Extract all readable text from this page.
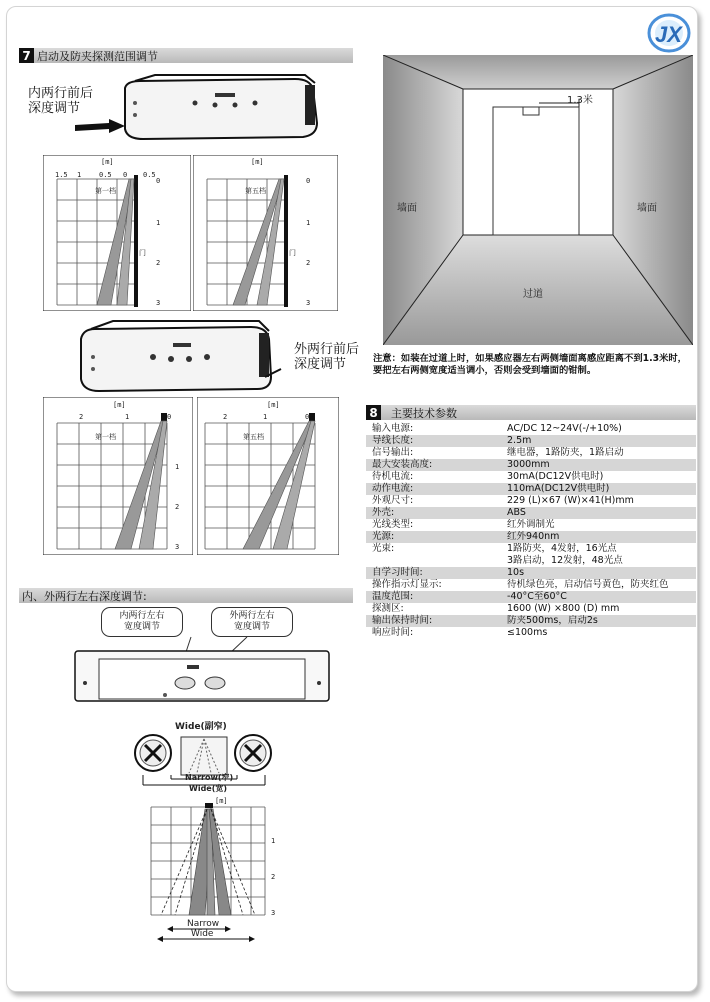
JX
7 启动及防夹探测范围调节
内两行前后
深度调节
[m]
1.5 1	0.5 0 0.5
0
1
2
3
第一档
门
[m]
0
1
2
3
第五档
门
外两行前后
深度调节
[m]
2	1	0
1
2
3
第一档
[m]
2	1	0
第五档
内、外两行左右深度调节:
内两行左右
宽度调节
外两行左右
宽度调节
Wide(副窄)
Narrow(窄)
Wide(宽)
[m]
1
2
3
Narrow
Wide
1.3米
墙面	墙面
过道
注意：如装在过道上时，如果感应器左右两侧墙面离感应距离不到1.3米时，要把左右两侧宽度适当调小，否则会受到墙面的钳制。
8	主要技术参数
输入电源:	AC/DC 12~24V(-/+10%)
导线长度:	2.5m
信号输出:	继电器，1路防夹，1路启动
最大安装高度:	3000mm
待机电流:	30mA(DC12V供电时)
动作电流:	110mA(DC12V供电时)
外观尺寸:	229 (L)×67 (W)×41(H)mm
外壳:	ABS
光线类型:	红外调制光
光源:	红外940nm
光束:	1路防夹，4发射，16光点
3路启动，12发射，48光点
自学习时间:	10s
操作指示灯显示:	待机绿色亮，启动信号黄色，防夹红色
温度范围:	-40°C至60°C
探测区:	1600 (W) ×800 (D) mm
输出保持时间:	防夹500ms，启动2s
响应时间:	≤100ms
